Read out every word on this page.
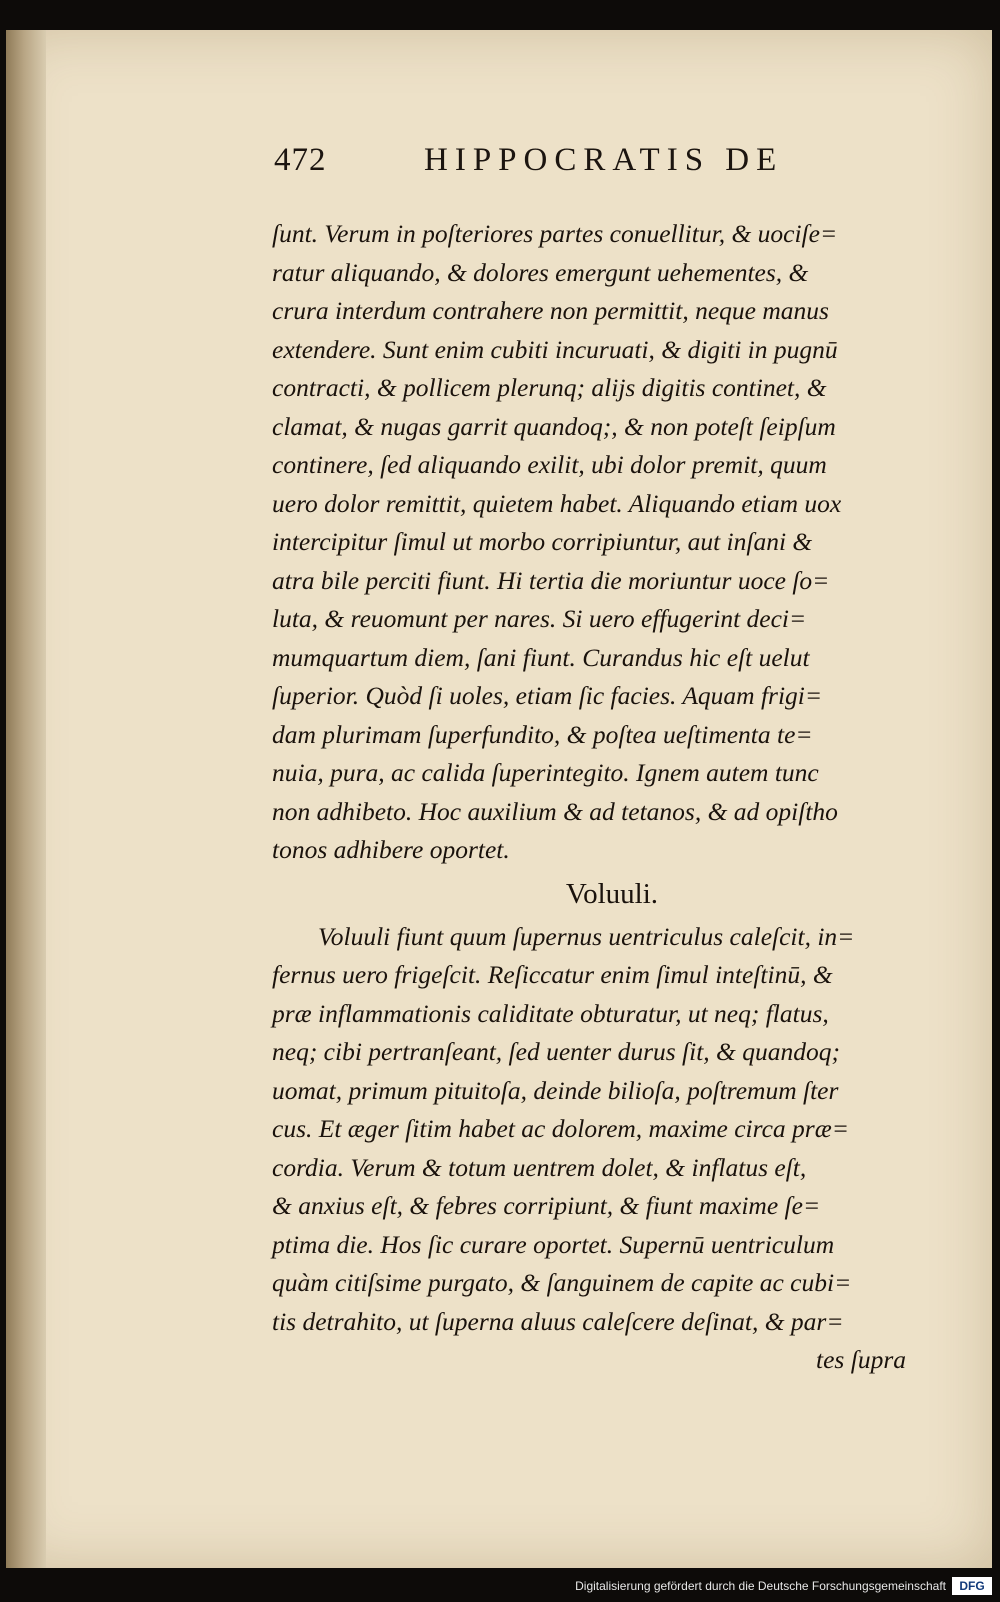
472	HIPPOCRATIS DE
ſunt. Verum in poſteriores partes conuellitur, & uociſe=
ratur aliquando, & dolores emergunt uehementes, &
crura interdum contrahere non permittit, neque manus
extendere. Sunt enim cubiti incuruati, & digiti in pugnū
contracti, & pollicem plerunq; alijs digitis continet, &
clamat, & nugas garrit quandoq;, & non poteſt ſeipſum
continere, ſed aliquando exilit, ubi dolor premit, quum
uero dolor remittit, quietem habet. Aliquando etiam uox
intercipitur ſimul ut morbo corripiuntur, aut inſani &
atra bile perciti fiunt. Hi tertia die moriuntur uoce ſo=
luta, & reuomunt per nares. Si uero effugerint deci=
mumquartum diem, ſani fiunt. Curandus hic eſt uelut
ſuperior. Quòd ſi uoles, etiam ſic facies. Aquam frigi=
dam plurimam ſuperfundito, & poſtea ueſtimenta te=
nuia, pura, ac calida ſuperintegito. Ignem autem tunc
non adhibeto. Hoc auxilium & ad tetanos, & ad opiſtho
tonos adhibere oportet.
Voluuli.
Voluuli fiunt quum ſupernus uentriculus caleſcit, in=
fernus uero frigeſcit. Reſiccatur enim ſimul inteſtinū, &
præ inflammationis caliditate obturatur, ut neq; flatus,
neq; cibi pertranſeant, ſed uenter durus ſit, & quandoq;
uomat, primum pituitoſa, deinde bilioſa, poſtremum ſter
cus. Et æger ſitim habet ac dolorem, maxime circa præ=
cordia. Verum & totum uentrem dolet, & inflatus eſt,
& anxius eſt, & febres corripiunt, & fiunt maxime ſe=
ptima die. Hos ſic curare oportet. Supernū uentriculum
quàm citiſsime purgato, & ſanguinem de capite ac cubi=
tis detrahito, ut ſuperna aluus caleſcere deſinat, & par=
tes ſupra
Digitalisierung gefördert durch die Deutsche Forschungsgemeinschaft	DFG
